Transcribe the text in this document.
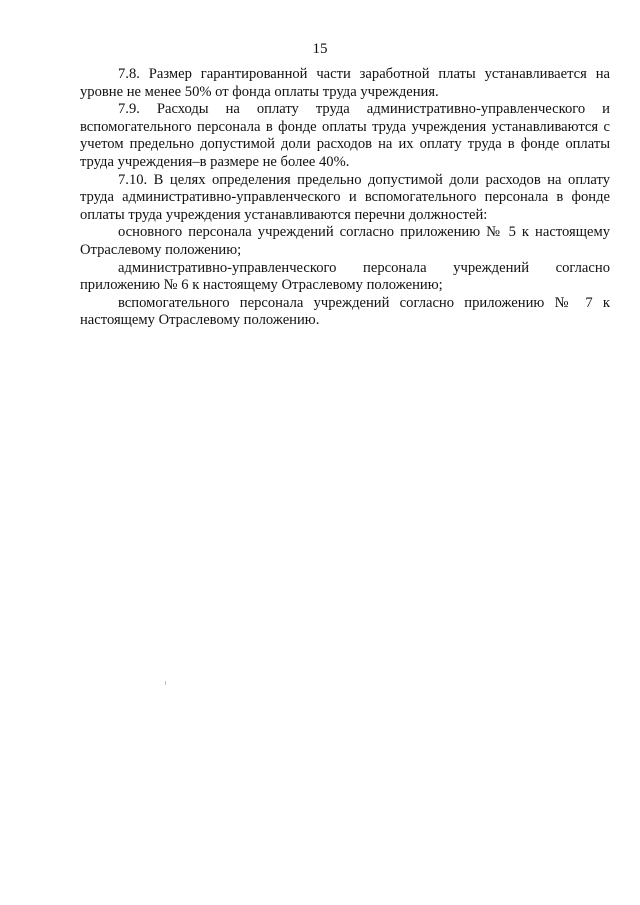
15

7.8. Размер гарантированной части заработной платы устанавливается на уровне не менее 50% от фонда оплаты труда учреждения.

7.9. Расходы на оплату труда административно-управленческого и вспомогательного персонала в фонде оплаты труда учреждения устанавливаются с учетом предельно допустимой доли расходов на их оплату труда в фонде оплаты труда учреждения–в размере не более 40%.

7.10. В целях определения предельно допустимой доли расходов на оплату труда административно-управленческого и вспомогательного персонала в фонде оплаты труда учреждения устанавливаются перечни должностей:

основного персонала учреждений согласно приложению № 5 к настоящему Отраслевому положению;

административно-управленческого персонала учреждений согласно приложению № 6 к настоящему Отраслевому положению;

вспомогательного персонала учреждений согласно приложению № 7 к настоящему Отраслевому положению.
